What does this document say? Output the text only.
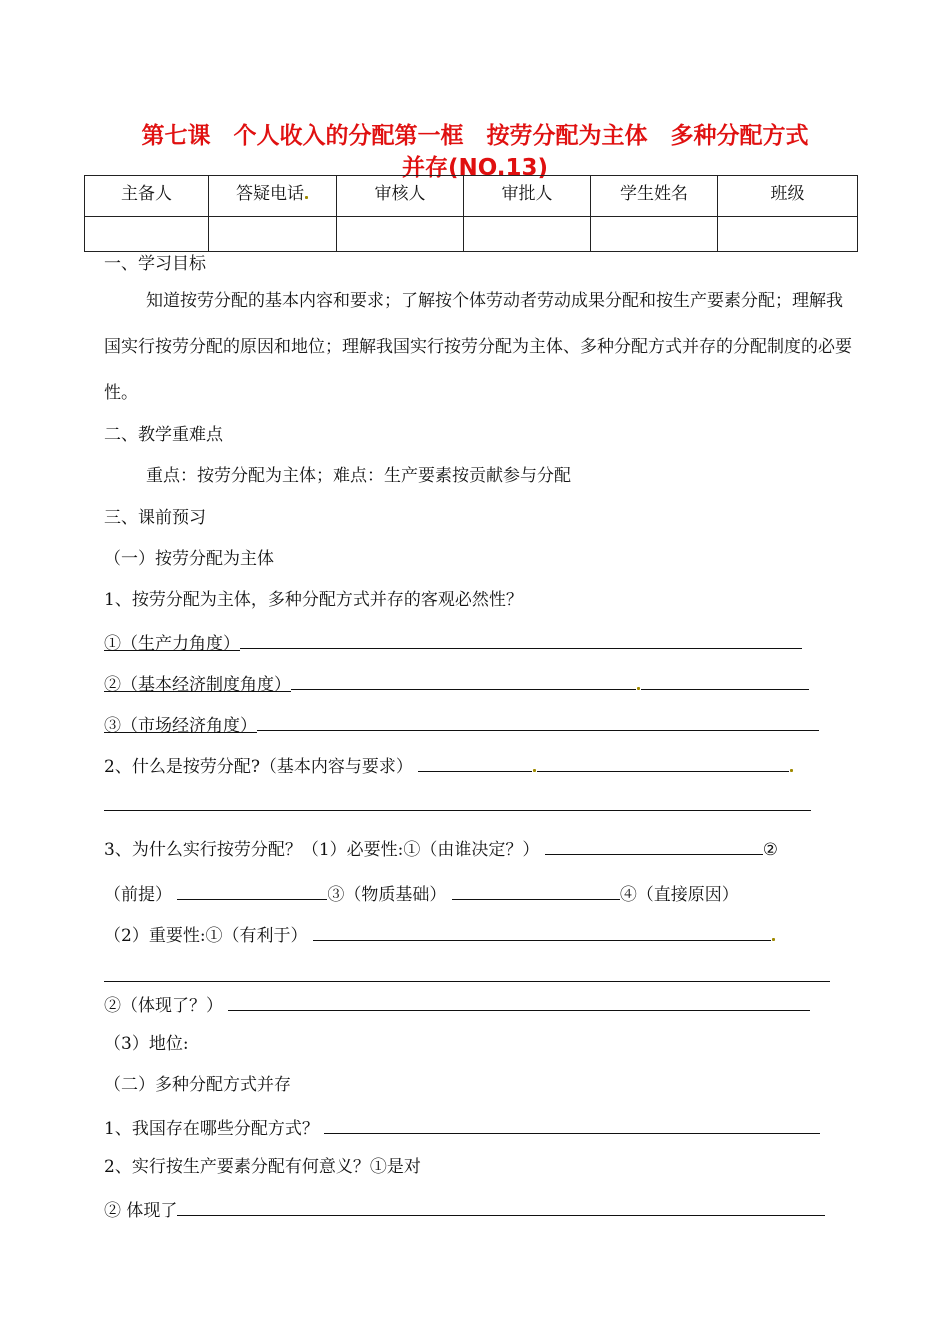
第七课　个人收入的分配第一框　按劳分配为主体　多种分配方式
并存(NO.13)
主备人	答疑电话	审核人	审批人	学生姓名	班级

一、学习目标

知道按劳分配的基本内容和要求；了解按个体劳动者劳动成果分配和按生产要素分配；理解我国实行按劳分配的原因和地位；理解我国实行按劳分配为主体、多种分配方式并存的分配制度的必要性。

二、教学重难点
重点：按劳分配为主体；难点：生产要素按贡献参与分配
三、课前预习
（一）按劳分配为主体
1、按劳分配为主体，多种分配方式并存的客观必然性？
①（生产力角度）
②（基本经济制度角度）
③（市场经济角度）
2、什么是按劳分配?（基本内容与要求）
3、为什么实行按劳分配？（1）必要性:①（由谁决定？）	②
（前提）	③（物质基础）	④（直接原因）
（2）重要性:①（有利于）
②（体现了？）
（3）地位:
（二）多种分配方式并存
1、我国存在哪些分配方式？
2、实行按生产要素分配有何意义？①是对
② 体现了
